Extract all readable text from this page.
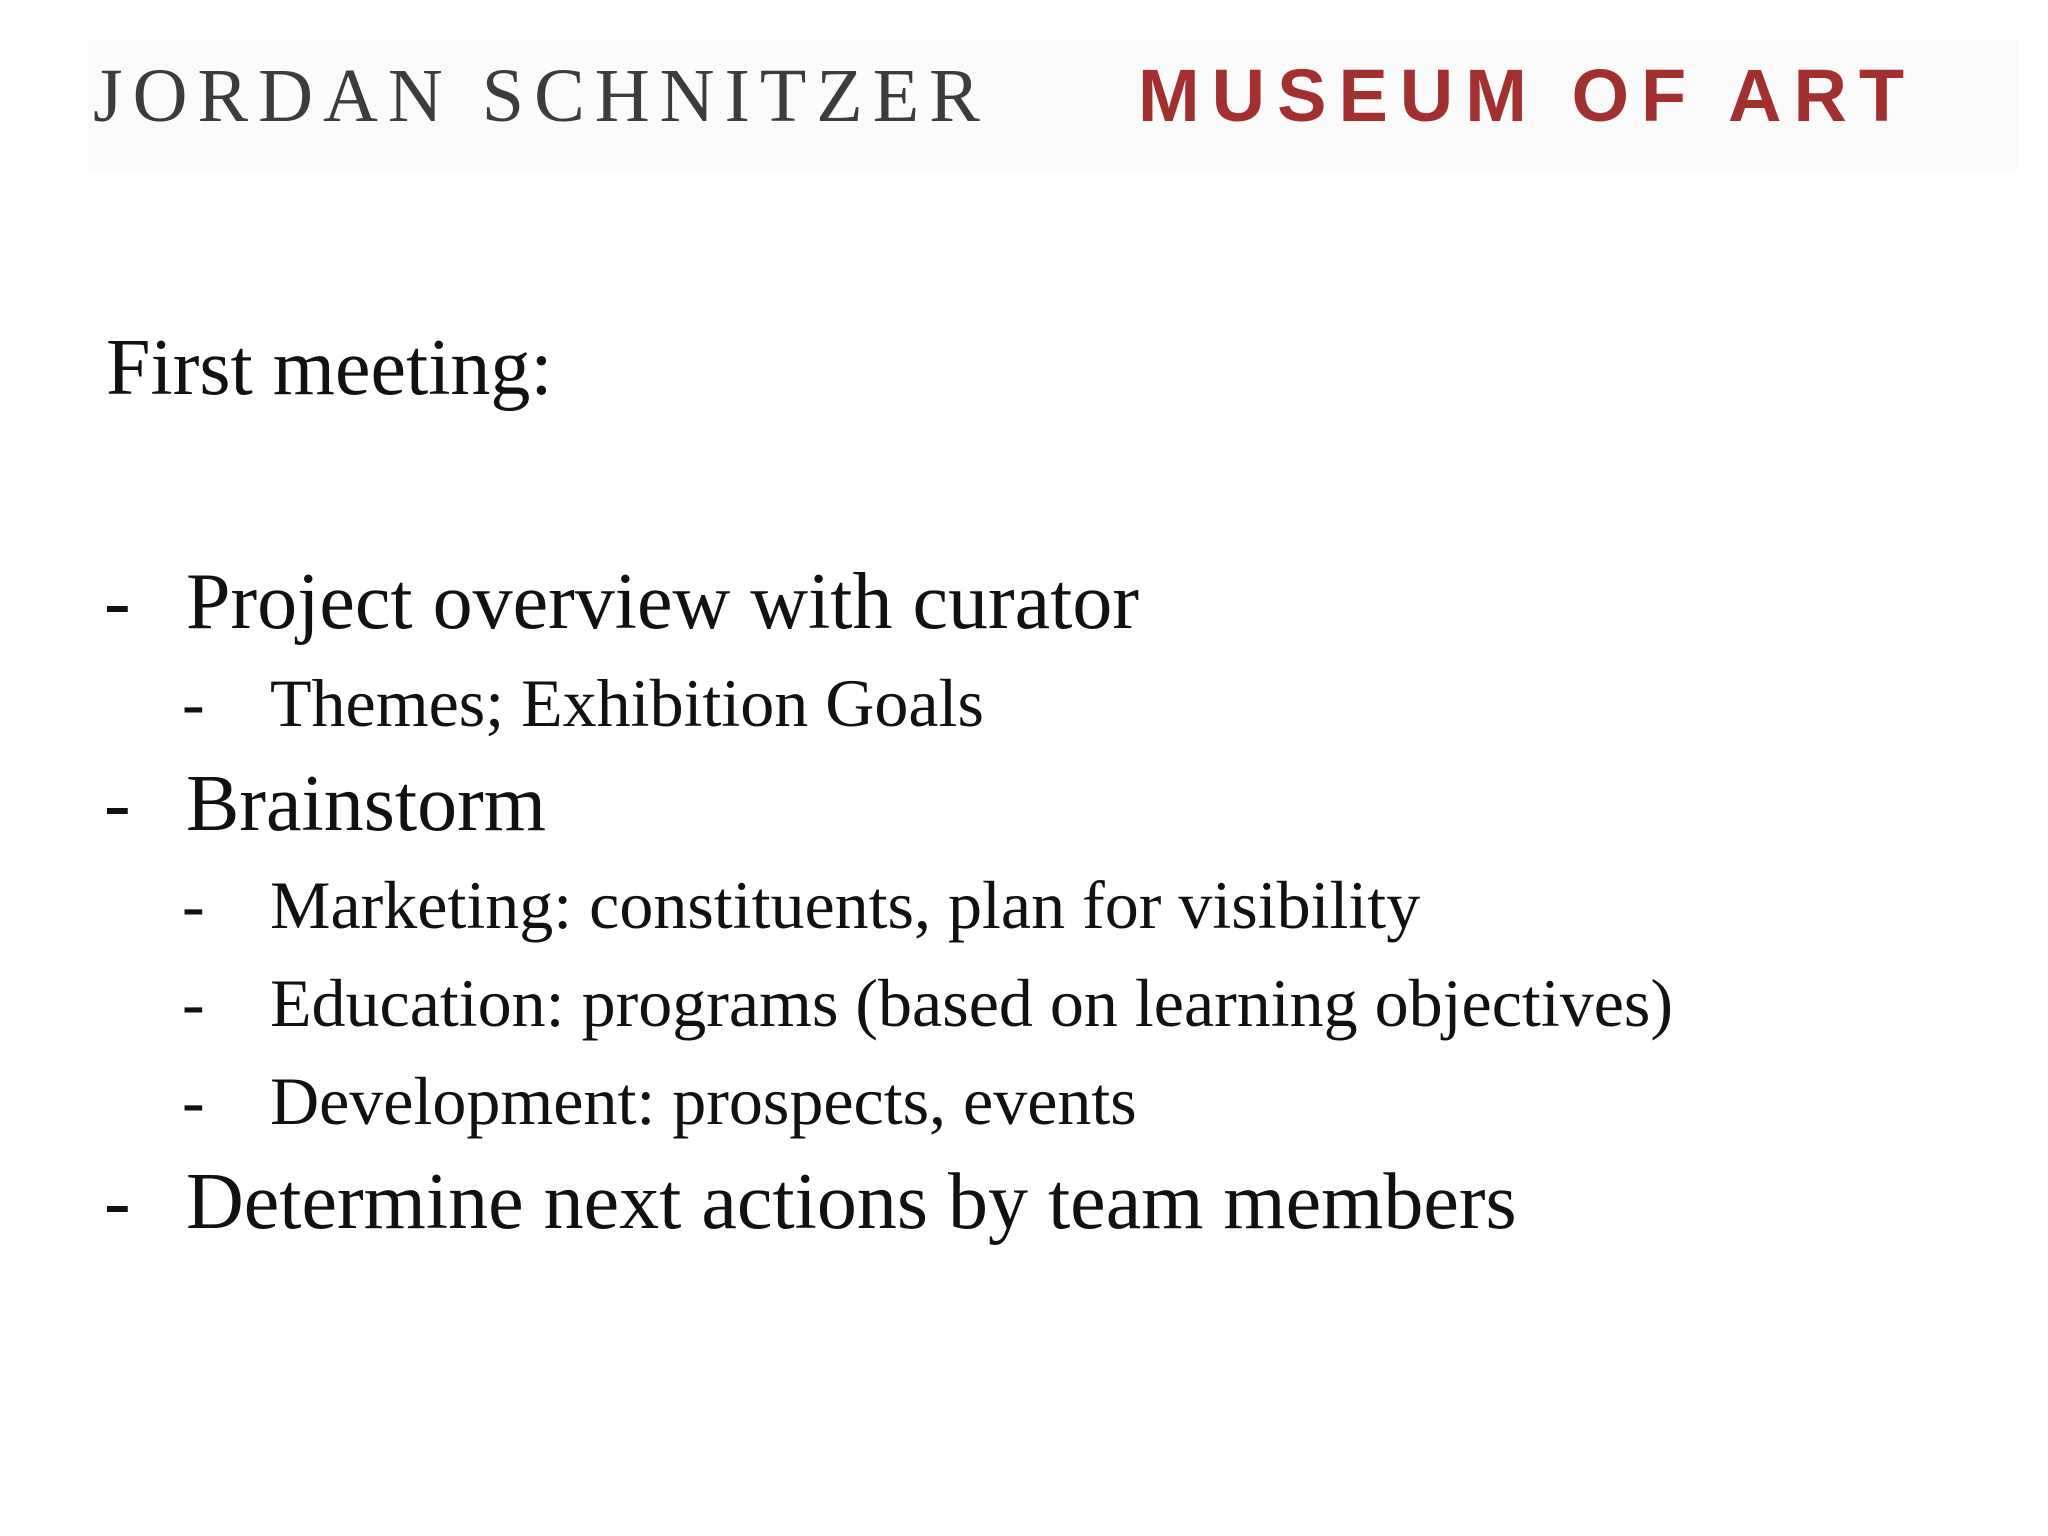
JORDAN SCHNITZER MUSEUM OF ART
First meeting:
- Project overview with curator
- Themes; Exhibition Goals
- Brainstorm
- Marketing: constituents, plan for visibility
- Education: programs (based on learning objectives)
- Development: prospects, events
- Determine next actions by team members
